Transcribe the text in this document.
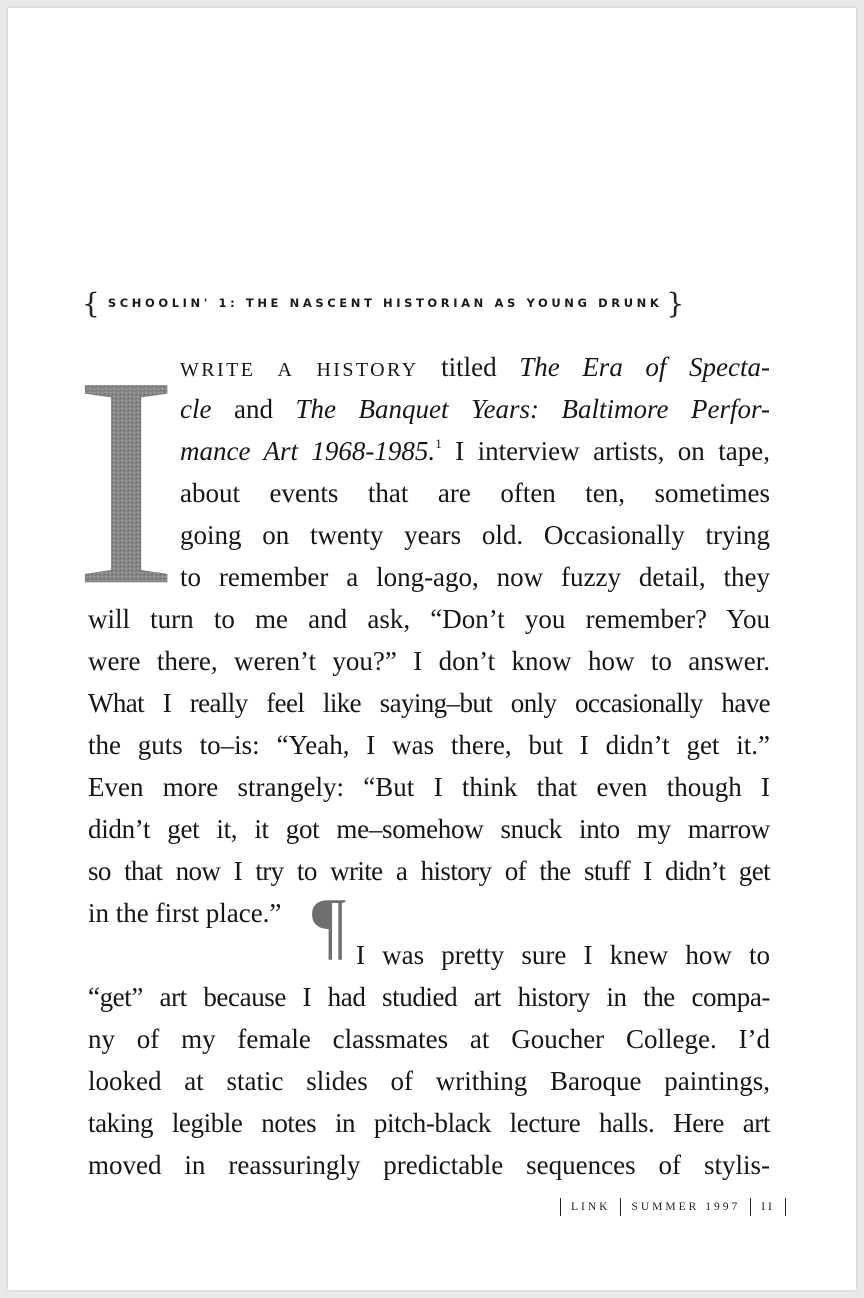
{ SCHOOLIN' 1: THE NASCENT HISTORIAN AS YOUNG DRUNK }
I WRITE A HISTORY titled The Era of Specta-
cle and The Banquet Years: Baltimore Perfor-
mance Art 1968-1985.$^1$ I interview artists, on tape,
about events that are often ten, sometimes
going on twenty years old. Occasionally trying
to remember a long-ago, now fuzzy detail, they
will turn to me and ask, “Don’t you remember? You
were there, weren’t you?” I don’t know how to answer.
What I really feel like saying–but only occasionally have
the guts to–is: “Yeah, I was there, but I didn’t get it.”
Even more strangely: “But I think that even though I
didn’t get it, it got me–somehow snuck into my marrow
so that now I try to write a history of the stuff I didn’t get
in the first place.” ¶ I was pretty sure I knew how to
“get” art because I had studied art history in the compa-
ny of my female classmates at Goucher College. I’d
looked at static slides of writhing Baroque paintings,
taking legible notes in pitch-black lecture halls. Here art
moved in reassuringly predictable sequences of stylis-
LINK SUMMER 1997 II
